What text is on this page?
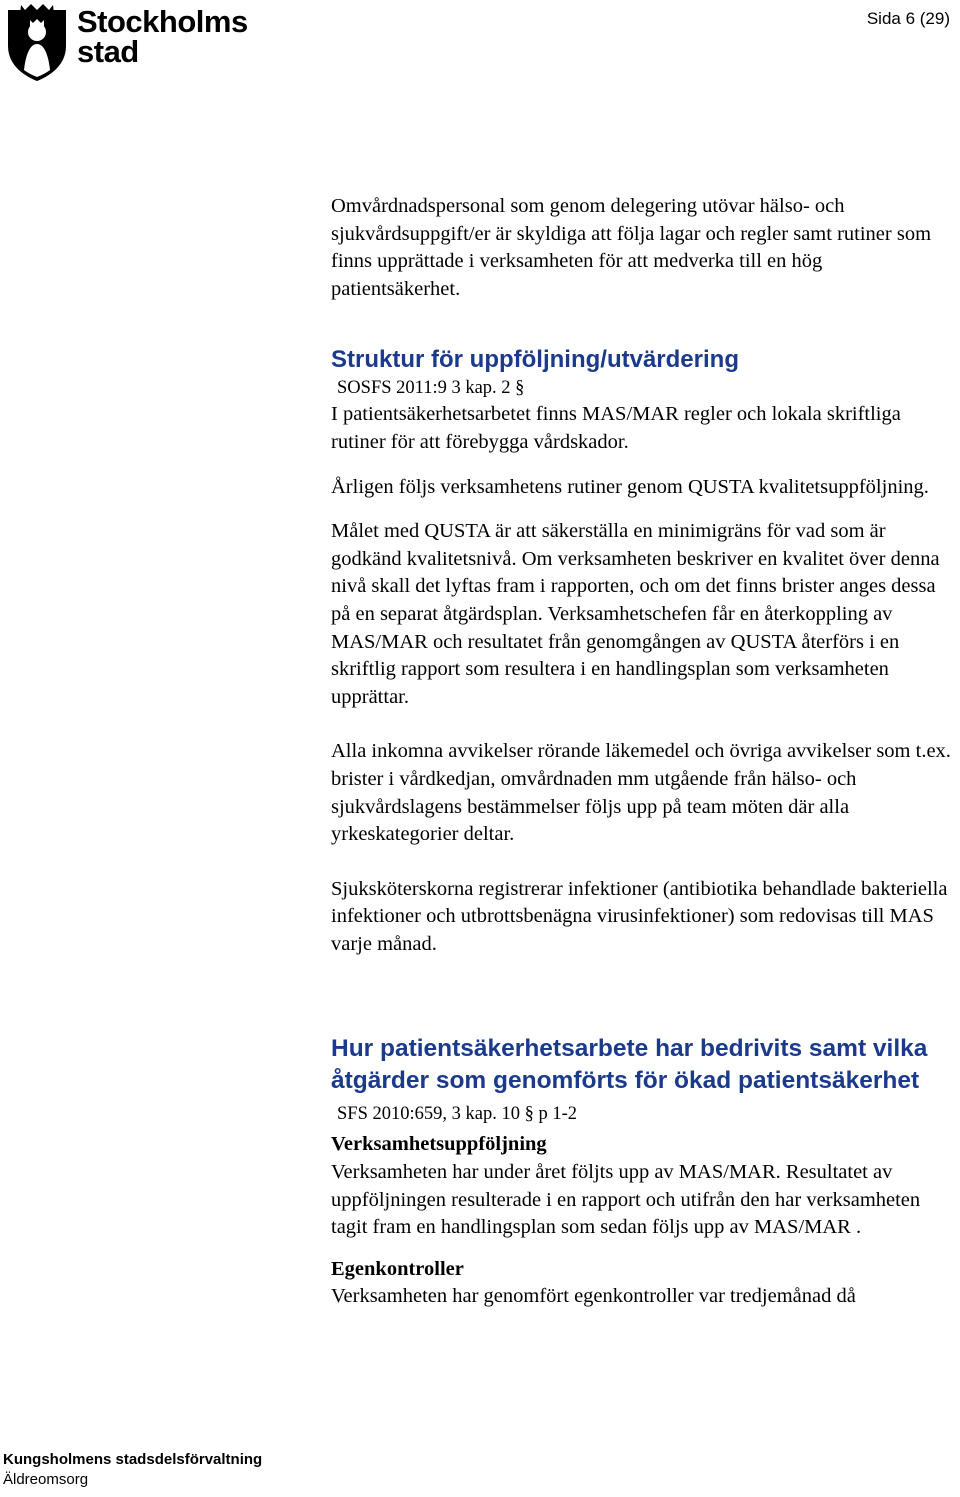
Stockholms
stad
Sida 6 (29)

Omvårdnadspersonal som genom delegering utövar hälso- och sjukvårdsuppgift/er är skyldiga att följa lagar och regler samt rutiner som finns upprättade i verksamheten för att medverka till en hög patientsäkerhet.

Struktur för uppföljning/utvärdering
SOSFS 2011:9 3 kap. 2 §

I patientsäkerhetsarbetet finns MAS/MAR regler och lokala skriftliga rutiner för att förebygga vårdskador.

Årligen följs verksamhetens rutiner genom QUSTA kvalitetsuppföljning.

Målet med QUSTA är att säkerställa en minimigräns för vad som är godkänd kvalitetsnivå. Om verksamheten beskriver en kvalitet över denna nivå skall det lyftas fram i rapporten, och om det finns brister anges dessa på en separat åtgärdsplan. Verksamhetschefen får en återkoppling av MAS/MAR och resultatet från genomgången av QUSTA återförs i en skriftlig rapport som resultera i en handlingsplan som verksamheten upprättar.

Alla inkomna avvikelser rörande läkemedel och övriga avvikelser som t.ex. brister i vårdkedjan, omvårdnaden mm utgående från hälso- och sjukvårdslagens bestämmelser följs upp på team möten där alla yrkeskategorier deltar.

Sjuksköterskorna registrerar infektioner (antibiotika behandlade bakteriella infektioner och utbrottsbenägna virusinfektioner) som redovisas till MAS varje månad.

Hur patientsäkerhetsarbete har bedrivits samt vilka åtgärder som genomförts för ökad patientsäkerhet
SFS 2010:659, 3 kap. 10 § p 1-2
Verksamhetsuppföljning

Verksamheten har under året följts upp av MAS/MAR. Resultatet av uppföljningen resulterade i en rapport och utifrån den har verksamheten tagit fram en handlingsplan som sedan följs upp av MAS/MAR .

Egenkontroller

Verksamheten har genomfört egenkontroller var tredjemånad då

Kungsholmens stadsdelsförvaltning
Äldreomsorg
